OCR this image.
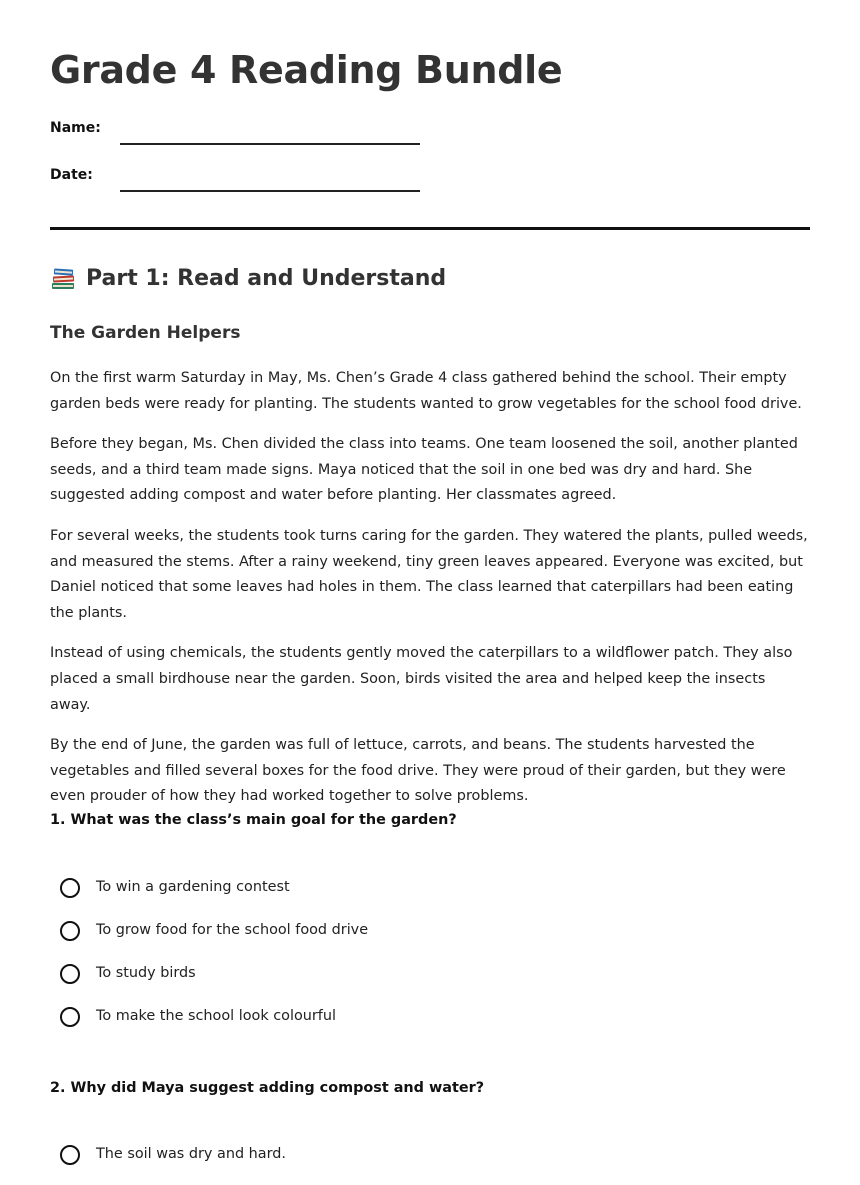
Grade 4 Reading Bundle
Name:
Date:
Part 1: Read and Understand
The Garden Helpers

On the first warm Saturday in May, Ms. Chen’s Grade 4 class gathered behind the school. Their empty garden beds were ready for planting. The students wanted to grow vegetables for the school food drive.

Before they began, Ms. Chen divided the class into teams. One team loosened the soil, another planted seeds, and a third team made signs. Maya noticed that the soil in one bed was dry and hard. She suggested adding compost and water before planting. Her classmates agreed.

For several weeks, the students took turns caring for the garden. They watered the plants, pulled weeds, and measured the stems. After a rainy weekend, tiny green leaves appeared. Everyone was excited, but Daniel noticed that some leaves had holes in them. The class learned that caterpillars had been eating the plants.

Instead of using chemicals, the students gently moved the caterpillars to a wildflower patch. They also placed a small birdhouse near the garden. Soon, birds visited the area and helped keep the insects away.

By the end of June, the garden was full of lettuce, carrots, and beans. The students harvested the vegetables and filled several boxes for the food drive. They were proud of their garden, but they were even prouder of how they had worked together to solve problems.

1. What was the class’s main goal for the garden?

To win a gardening contest
To grow food for the school food drive
To study birds
To make the school look colourful

2. Why did Maya suggest adding compost and water?

The soil was dry and hard.
